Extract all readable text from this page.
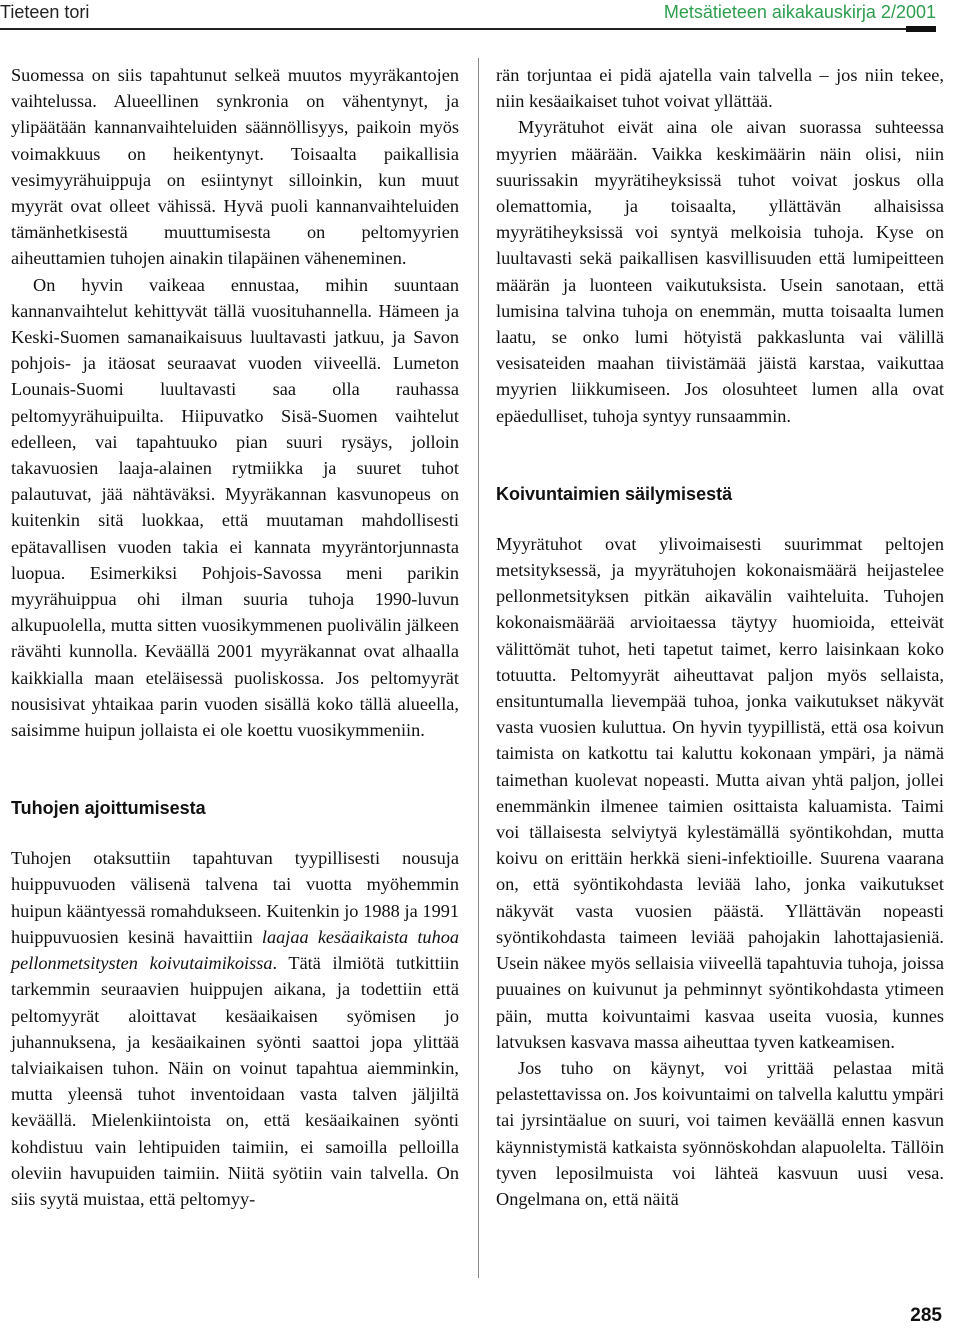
Tieteen tori	Metsätieteen aikakauskirja 2/2001

Suomessa on siis tapahtunut selkeä muutos myyräkantojen vaihtelussa. Alueellinen synkronia on vähentynyt, ja ylipäätään kannanvaihteluiden säännöllisyys, paikoin myös voimakkuus on heikentynyt. Toisaalta paikallisia vesimyyrähuippuja on esiintynyt silloinkin, kun muut myyrät ovat olleet vähissä. Hyvä puoli kannanvaihteluiden tämänhetkisestä muuttumisesta on peltomyyrien aiheuttamien tuhojen ainakin tilapäinen väheneminen.

On hyvin vaikeaa ennustaa, mihin suuntaan kannanvaihtelut kehittyvät tällä vuosituhannella. Hämeen ja Keski-Suomen samanaikaisuus luultavasti jatkuu, ja Savon pohjois- ja itäosat seuraavat vuoden viiveellä. Lumeton Lounais-Suomi luultavasti saa olla rauhassa peltomyyrähuipuilta. Hiipuvatko Sisä-Suomen vaihtelut edelleen, vai tapahtuuko pian suuri rysäys, jolloin takavuosien laaja-alainen rytmiikka ja suuret tuhot palautuvat, jää nähtäväksi. Myyräkannan kasvunopeus on kuitenkin sitä luokkaa, että muutaman mahdollisesti epätavallisen vuoden takia ei kannata myyräntorjunnasta luopua. Esimerkiksi Pohjois-Savossa meni parikin myyrähuippua ohi ilman suuria tuhoja 1990-luvun alkupuolella, mutta sitten vuosikymmenen puolivälin jälkeen rävähti kunnolla. Keväällä 2001 myyräkannat ovat alhaalla kaikkialla maan eteläisessä puoliskossa. Jos peltomyyrät nousisivat yhtaikaa parin vuoden sisällä koko tällä alueella, saisimme huipun jollaista ei ole koettu vuosikymmeniin.

Tuhojen ajoittumisesta

Tuhojen otaksuttiin tapahtuvan tyypillisesti nousuja huippuvuoden välisenä talvena tai vuotta myöhemmin huipun kääntyessä romahdukseen. Kuitenkin jo 1988 ja 1991 huippuvuosien kesinä havaittiin laajaa kesäaikaista tuhoa pellonmetsitysten koivutaimikoissa. Tätä ilmiötä tutkittiin tarkemmin seuraavien huippujen aikana, ja todettiin että peltomyyrät aloittavat kesäaikaisen syömisen jo juhannuksena, ja kesäaikainen syönti saattoi jopa ylittää talviaikaisen tuhon. Näin on voinut tapahtua aiemminkin, mutta yleensä tuhot inventoidaan vasta talven jäljiltä keväällä. Mielenkiintoista on, että kesäaikainen syönti kohdistuu vain lehtipuiden taimiin, ei samoilla pelloilla oleviin havupuiden taimiin. Niitä syötiin vain talvella. On siis syytä muistaa, että peltomyy-

rän torjuntaa ei pidä ajatella vain talvella – jos niin tekee, niin kesäaikaiset tuhot voivat yllättää.

Myyrätuhot eivät aina ole aivan suorassa suhteessa myyrien määrään. Vaikka keskimäärin näin olisi, niin suurissakin myyrätiheyksissä tuhot voivat joskus olla olemattomia, ja toisaalta, yllättävän alhaisissa myyrätiheyksissä voi syntyä melkoisia tuhoja. Kyse on luultavasti sekä paikallisen kasvillisuuden että lumipeitteen määrän ja luonteen vaikutuksista. Usein sanotaan, että lumisina talvina tuhoja on enemmän, mutta toisaalta lumen laatu, se onko lumi hötyistä pakkaslunta vai välillä vesisateiden maahan tiivistämää jäistä karstaa, vaikuttaa myyrien liikkumiseen. Jos olosuhteet lumen alla ovat epäedulliset, tuhoja syntyy runsaammin.

Koivuntaimien säilymisestä

Myyrätuhot ovat ylivoimaisesti suurimmat peltojen metsityksessä, ja myyrätuhojen kokonaismäärä heijastelee pellonmetsityksen pitkän aikavälin vaihteluita. Tuhojen kokonaismäärää arvioitaessa täytyy huomioida, etteivät välittömät tuhot, heti tapetut taimet, kerro laisinkaan koko totuutta. Peltomyyrät aiheuttavat paljon myös sellaista, ensituntumalla lievempää tuhoa, jonka vaikutukset näkyvät vasta vuosien kuluttua. On hyvin tyypillistä, että osa koivun taimista on katkottu tai kaluttu kokonaan ympäri, ja nämä taimethan kuolevat nopeasti. Mutta aivan yhtä paljon, jollei enemmänkin ilmenee taimien osittaista kaluamista. Taimi voi tällaisesta selviytyä kylestämällä syöntikohdan, mutta koivu on erittäin herkkä sieni-infektioille. Suurena vaarana on, että syöntikohdasta leviää laho, jonka vaikutukset näkyvät vasta vuosien päästä. Yllättävän nopeasti syöntikohdasta taimeen leviää pahojakin lahottajasieniä. Usein näkee myös sellaisia viiveellä tapahtuvia tuhoja, joissa puuaines on kuivunut ja pehminnyt syöntikohdasta ytimeen päin, mutta koivuntaimi kasvaa useita vuosia, kunnes latvuksen kasvava massa aiheuttaa tyven katkeamisen.

Jos tuho on käynyt, voi yrittää pelastaa mitä pelastettavissa on. Jos koivuntaimi on talvella kaluttu ympäri tai jyrsintäalue on suuri, voi taimen keväällä ennen kasvun käynnistymistä katkaista syönnöskohdan alapuolelta. Tällöin tyven leposilmuista voi lähteä kasvuun uusi vesa. Ongelmana on, että näitä

285
